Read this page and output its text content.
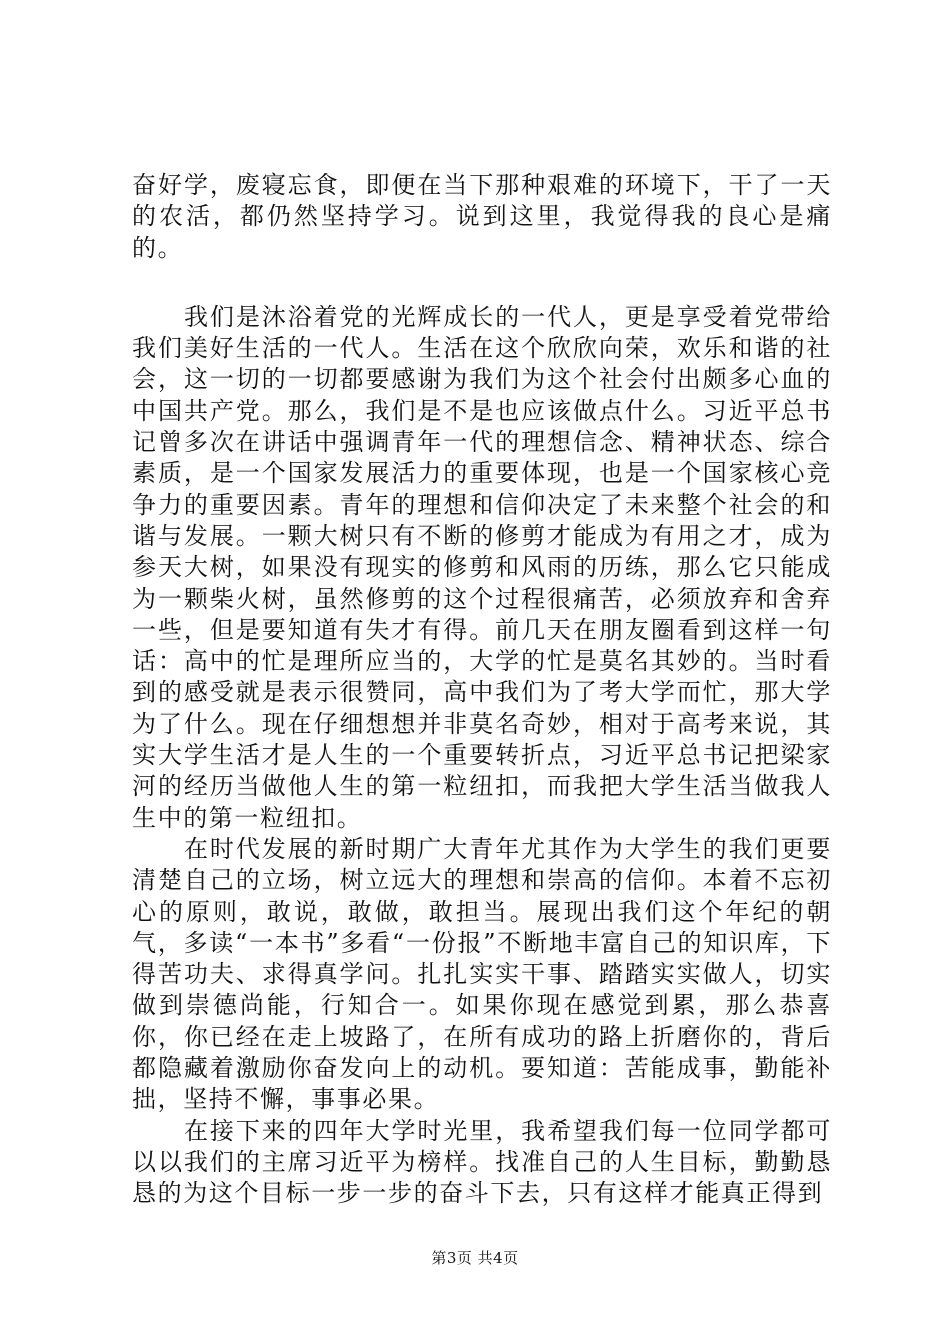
奋好学，废寝忘食，即便在当下那种艰难的环境下，干了一天的农活，都仍然坚持学习。说到这里，我觉得我的良心是痛的。

我们是沐浴着党的光辉成长的一代人，更是享受着党带给我们美好生活的一代人。生活在这个欣欣向荣，欢乐和谐的社会，这一切的一切都要感谢为我们为这个社会付出颇多心血的中国共产党。那么，我们是不是也应该做点什么。习近平总书记曾多次在讲话中强调青年一代的理想信念、精神状态、综合素质，是一个国家发展活力的重要体现，也是一个国家核心竞争力的重要因素。青年的理想和信仰决定了未来整个社会的和谐与发展。一颗大树只有不断的修剪才能成为有用之才，成为参天大树，如果没有现实的修剪和风雨的历练，那么它只能成为一颗柴火树，虽然修剪的这个过程很痛苦，必须放弃和舍弃一些，但是要知道有失才有得。前几天在朋友圈看到这样一句话：高中的忙是理所应当的，大学的忙是莫名其妙的。当时看到的感受就是表示很赞同，高中我们为了考大学而忙，那大学为了什么。现在仔细想想并非莫名奇妙，相对于高考来说，其实大学生活才是人生的一个重要转折点，习近平总书记把梁家河的经历当做他人生的第一粒纽扣，而我把大学生活当做我人生中的第一粒纽扣。

在时代发展的新时期广大青年尤其作为大学生的我们更要清楚自己的立场，树立远大的理想和崇高的信仰。本着不忘初心的原则，敢说，敢做，敢担当。展现出我们这个年纪的朝气，多读“一本书”多看“一份报”不断地丰富自己的知识库，下得苦功夫、求得真学问。扎扎实实干事、踏踏实实做人，切实做到崇德尚能，行知合一。如果你现在感觉到累，那么恭喜你，你已经在走上坡路了，在所有成功的路上折磨你的，背后都隐藏着激励你奋发向上的动机。要知道：苦能成事，勤能补拙，坚持不懈，事事必果。

在接下来的四年大学时光里，我希望我们每一位同学都可以以我们的主席习近平为榜样。找准自己的人生目标，勤勤恳恳的为这个目标一步一步的奋斗下去，只有这样才能真正得到

第3页 共4页
